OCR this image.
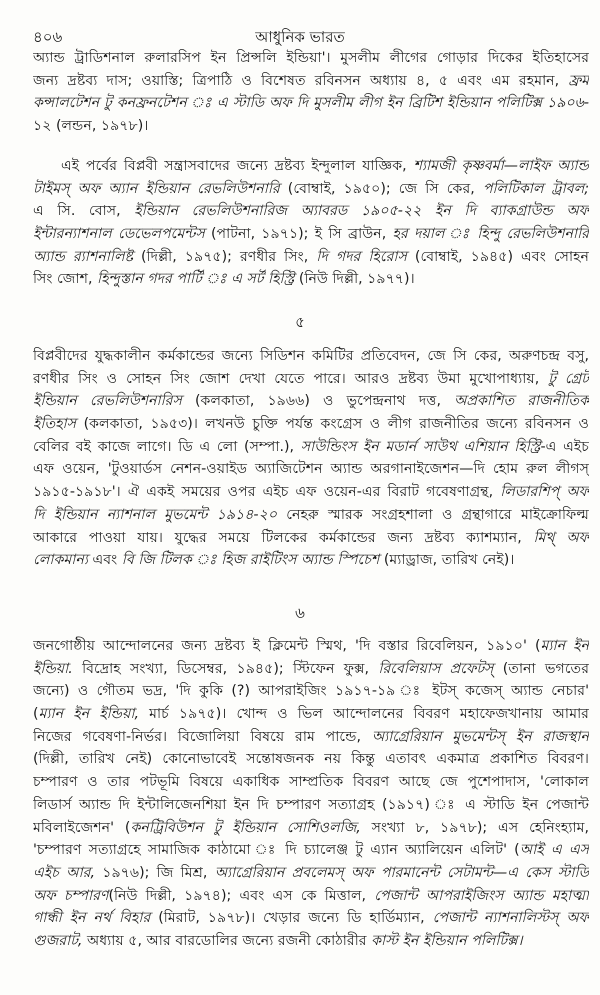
৪০৬	আধুনিক ভারত
অ্যান্ড ট্রাডিশনাল রুলারসিপ ইন প্রিন্সলি ইন্ডিয়া'। মুসলীম লীগের গোড়ার দিকের ইতিহাসের
জন্য দ্রষ্টব্য দাস; ওয়াস্তি; ত্রিপাঠি ও বিশেষত রবিনসন অধ্যায় ৪, ৫ এবং এম রহমান, ফ্রম
কন্সালটেশন টু কনফ্রনটেশন ঃ এ স্টাডি অফ দি মুসলীম লীগ ইন ব্রিটিশ ইন্ডিয়ান পলিটিক্স ১৯০৬-
১২ (লন্ডন, ১৯৭৮)।
এই পর্বের বিপ্লবী সন্ত্রাসবাদের জন্যে দ্রষ্টব্য ইন্দুলাল যাজ্ঞিক, শ্যামজী কৃষ্ণবর্মা—লাইফ অ্যান্ড
টাইমস্ অফ অ্যান ইন্ডিয়ান রেভলিউশনারি (বোম্বাই, ১৯৫০); জে সি কের, পলিটিকাল ট্রাবল;
এ সি. বোস, ইন্ডিয়ান রেভলিউশনারিজ অ্যাবরড ১৯০৫-২২ ইন দি ব্যাকগ্রাউন্ড অফ
ইন্টারন্যাশনাল ডেভেলপমেন্টস (পাটনা, ১৯৭১); ই সি ব্রাউন, হর দয়াল ঃ হিন্দু রেভলিউশনারি
অ্যান্ড র‍্যাশনালিষ্ট (দিল্লী, ১৯৭৫); রণধীর সিং, দি গদর হিরোস (বোম্বাই, ১৯৪৫) এবং সোহন
সিং জোশ, হিন্দুস্তান গদর পার্টি ঃ এ সর্ট হিস্ট্রি (নিউ দিল্লী, ১৯৭৭)।
৫
বিপ্লবীদের যুদ্ধকালীন কর্মকান্ডের জন্যে সিডিশন কমিটির প্রতিবেদন, জে সি কের, অরুণচন্দ্র বসু,
রণধীর সিং ও সোহন সিং জোশ দেখা যেতে পারে। আরও দ্রষ্টব্য উমা মুখোপাধ্যায়, টু গ্রেট
ইন্ডিয়ান রেভলিউশনারিস (কলকাতা, ১৯৬৬) ও ভুপেন্দ্রনাথ দত্ত, অপ্রকাশিত রাজনীতিক
ইতিহাস (কলকাতা, ১৯৫৩)। লখনউ চুক্তি পর্যন্ত কংগ্রেস ও লীগ রাজনীতির জন্যে রবিনসন ও
বেলির বই কাজে লাগে। ডি এ লো (সম্পা.), সাউন্ডিংস ইন মডার্ন সাউথ এশিয়ান হিস্ট্রি-এ এইচ
এফ ওয়েন, 'টুওয়ার্ডস নেশন-ওয়াইড অ্যাজিটেশন অ্যান্ড অরগানাইজেশন—দি হোম রুল লীগস্
১৯১৫-১৯১৮'। ঐ একই সময়ের ওপর এইচ এফ ওয়েন-এর বিরাট গবেষণাগ্রন্থ, লিডারশিপ্ অফ
দি ইন্ডিয়ান ন্যাশনাল মুভমেন্ট ১৯১৪-২০ নেহরু স্মারক সংগ্রহশালা ও গ্রন্থাগারে মাইক্রোফিল্ম
আকারে পাওয়া যায়। যুদ্ধের সময়ে টিলকের কর্মকান্ডের জন্য দ্রষ্টব্য ক্যাশম্যান, মিথ্ অফ
লোকমান্য এবং বি জি টিলক ঃ হিজ রাইটিংস অ্যান্ড স্পিচেশ (ম্যাড্রাজ, তারিখ নেই)।
৬
জনগোষ্ঠীয় আন্দোলনের জন্য দ্রষ্টব্য ই ক্লিমেন্ট স্মিথ, 'দি বস্তার রিবেলিয়ন, ১৯১০' (ম্যান ইন
ইন্ডিয়া. বিদ্রোহ সংখ্যা, ডিসেম্বর, ১৯৪৫); স্টিফেন ফুক্স, রিবেলিয়াস প্রফেটস্ (তানা ভগতের
জন্যে) ও গৌতম ভদ্র, 'দি কুকি (?) আপরাইজিং ১৯১৭-১৯ ঃ ইটস্ কজেস্ অ্যান্ড নেচার'
(ম্যান ইন ইন্ডিয়া, মার্চ ১৯৭৫)। খোন্দ ও ভিল আন্দোলনের বিবরণ মহাফেজখানায় আমার
নিজের গবেষণা-নির্ভর। বিজোলিয়া বিষয়ে রাম পান্ডে, অ্যাগ্রেরিয়ান মুভমেন্টস্ ইন রাজস্থান
(দিল্লী, তারিখ নেই) কোনোভাবেই সন্তোষজনক নয় কিন্তু এতাবৎ একমাত্র প্রকাশিত বিবরণ।
চম্পারণ ও তার পটভূমি বিষয়ে একাধিক সাম্প্রতিক বিবরণ আছে জে পুশেপাদাস, 'লোকাল
লিডার্স অ্যান্ড দি ইন্টালিজেনশিয়া ইন দি চম্পারণ সত্যাগ্রহ (১৯১৭) ঃ এ স্টাডি ইন পেজান্ট
মবিলাইজেশন' (কনট্রিবিউশন টু ইন্ডিয়ান সোশিওলজি, সংখ্যা ৮, ১৯৭৮); এস হেনিংহ্যাম,
'চম্পারণ সত্যাগ্রহে সামাজিক কাঠামো ঃ দি চ্যালেঞ্জ টু এ্যান অ্যালিয়েন এলিট' (আই এ এস
এইচ আর, ১৯৭৬); জি মিশ্র, অ্যাগ্রেরিয়ান প্রবলেমস্ অফ পারমানেন্ট সেটামন্ট—এ কেস স্টাডি
অফ চম্পারণ(নিউ দিল্লী, ১৯৭৪); এবং এস কে মিত্তাল, পেজান্ট আপরাইজিংস অ্যান্ড মহাত্মা
গান্ধী ইন নর্থ বিহার (মিরাট, ১৯৭৮)। খেড়ার জন্যে ডি হার্ডিম্যান, পেজান্ট ন্যাশনালিস্টস্ অফ
গুজরাট, অধ্যায় ৫, আর বারডোলির জন্যে রজনী কোঠারীর কাস্ট ইন ইন্ডিয়ান পলিটিক্স।
